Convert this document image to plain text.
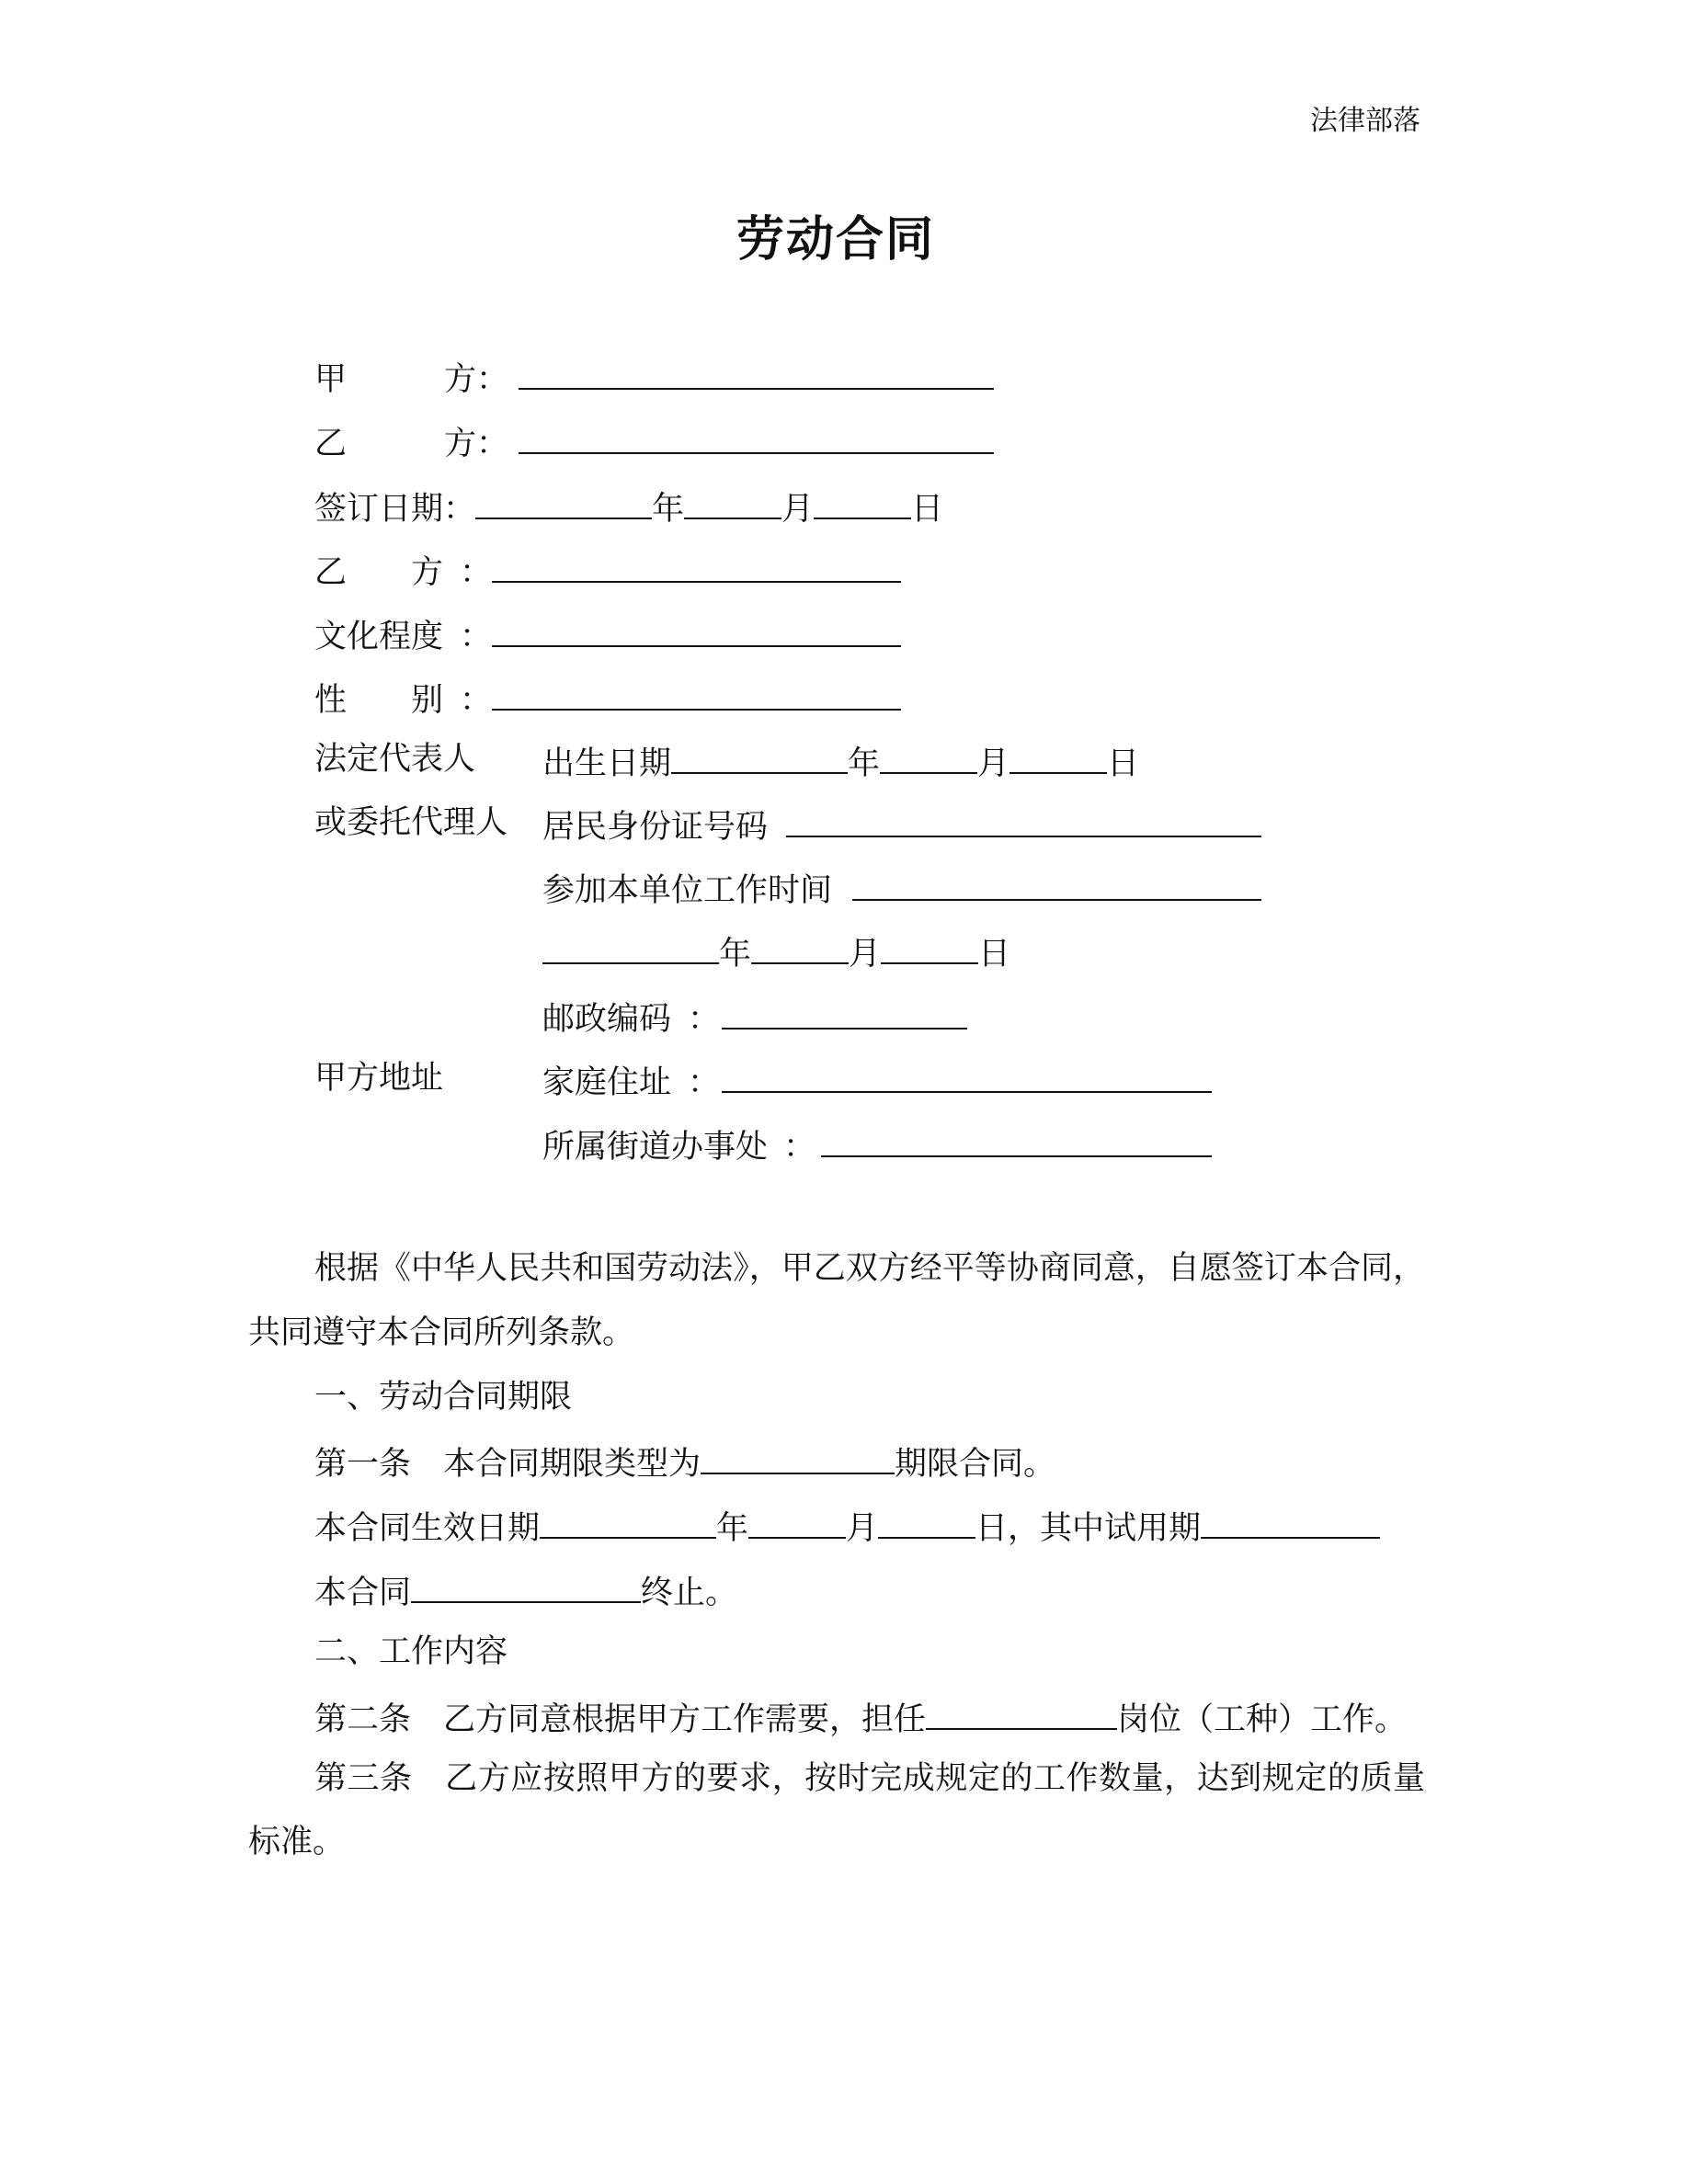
法律部落
劳动合同
甲	方：
乙	方：
签订日期：	年	月	日
乙 方 ：
文化程度 ：
性 别 ：
法定代表人 出生日期	年	月	日
或委托代理人 居民身份证号码
参加本单位工作时间
年	月	日
邮政编码 ：
甲方地址	家庭住址 ：
所属街道办事处 ：
根据《中华人民共和国劳动法》，甲乙双方经平等协商同意，自愿签订本合同，
共同遵守本合同所列条款。
一、劳动合同期限
第一条 本合同期限类型为	期限合同。
本合同生效日期	年	月	日，其中试用期
本合同	终止。
二、工作内容
第二条 乙方同意根据甲方工作需要，担任	岗位（工种）工作。
第三条　乙方应按照甲方的要求，按时完成规定的工作数量，达到规定的质量
标准。
